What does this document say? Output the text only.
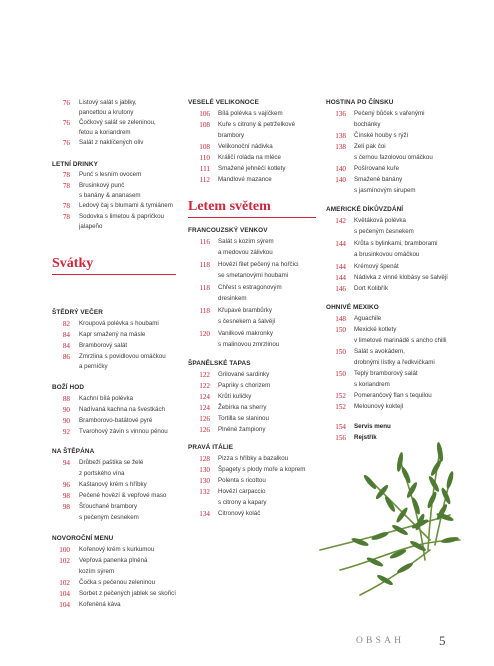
76 Listový salát s jablky,
pancettou a krutony
76 Čočkový salát se zeleninou,
fetou a koriandrem
76 Salát z naklíčených oliv
LETNÍ DRINKY
78 Punč s lesním ovocem
78 Brusinkový punč
s banány & ananasem
78 Ledový čaj s blumami & tymiánem
78 Sodovka s limetou & papričkou
jalapeño
Svátky
ŠTĚDRÝ VEČER
82 Kroupová polévka s houbami
84 Kapr smažený na másle
84 Bramborový salát
86 Zmrzlina s povidlovou omáčkou
a perníčky
BOŽÍ HOD
88 Kachní bílá polévka
90 Nadívaná kachna na švestkách
90 Bramborovo-batátové pyré
92 Tvarohový závin s vinnou pěnou
NA ŠTĚPÁNA
94 Drůbeží paštika se želé
z portského vína
96 Kaštanový krém s hříbky
98 Pečené hovězí & vepřové maso
98 Šťouchané brambory
s pečeným česnekem
NOVOROČNÍ MENU
100 Kořenový krém s kurkumou
102 Vepřová panenka plněná
kozím sýrem
102 Čočka s pečenou zeleninou
104 Sorbet z pečených jablek se skořicí
104 Kořeněná káva
VESELÉ VELIKONOCE
106 Bílá polévka s vajíčkem
108 Kuře s citrony & petrželkové
brambory
108 Velikonoční nádivka
110 Králičí roláda na mléce
111 Smažené jehněčí kotlety
112 Mandlové mazance
Letem světem
FRANCOUZSKÝ VENKOV
116 Salát s kozím sýrem
a medovou zálivkou
118 Hovězí filet pečený na hořčici
se smetanovými houbami
118 Chřest s estragonovým
dresinkem
118 Křupavé brambůrky
s česnekem a šalvějí
120 Vanilkové makronky
s malinovou zmrzlinou
ŠPANĚLSKÉ TAPAS
122 Grilované sardinky
122 Papriky s chorizem
124 Krůtí kuličky
124 Žebírka na sherry
126 Tortilla se slaninou
126 Plněné žampiony
PRAVÁ ITÁLIE
128 Pizza s hříbky a bazalkou
130 Špagety s plody moře a koprem
130 Polenta s ricottou
132 Hovězí carpaccio
s citrony a kapary
134 Citronový koláč
HOSTINA PO ČÍNSKU
136 Pečený bůček s vařenými
bochánky
138 Čínské houby s rýží
138 Zelí pak čoi
s černou fazolovou omáčkou
140 Pošírované kuře
140 Smažené banány
s jasmínovým sirupem
AMERICKÉ DÍKŮVZDÁNÍ
142 Květáková polévka
s pečeným česnekem
144 Krůta s bylinkami, bramborami
a brusinkovou omáčkou
144 Krémový špenát
144 Nádivka z vinné klobásy se šalvějí
146 Dort Kolibřík
OHNIVÉ MEXIKO
148 Aguachile
150 Mexické kotlety
v limetové marinádě s ancho chilli
150 Salát s avokádem,
drobnými lístky a ředkvičkami
150 Teplý bramborový salát
s koriandrem
152 Pomerančový flan s tequilou
152 Melounový koktejl
154 Servis menu
156 Rejstřík
OBSAH	5
